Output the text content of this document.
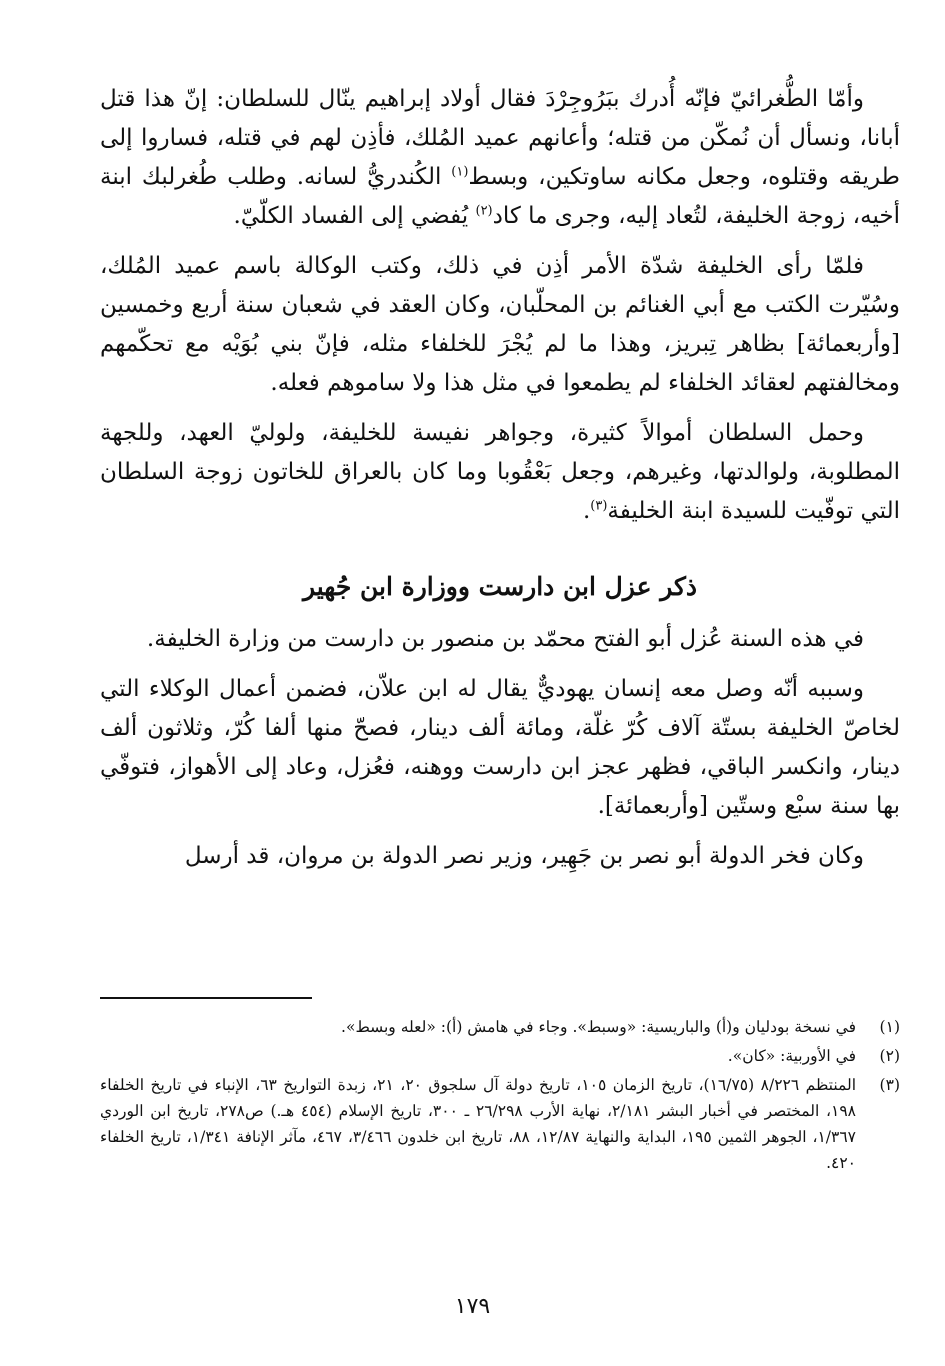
وأمّا الطُّغرائيّ فإنّه أُدرك ببَرُوجِرْدَ فقال أولاد إبراهيم ينّال للسلطان: إنّ هذا قتل أبانا، ونسأل أن نُمكّن من قتله؛ وأعانهم عميد المُلك، فأذِن لهم في قتله، فساروا إلى طريقه وقتلوه، وجعل مكانه ساوتكين، وبسط$^{(١)}$ الكُندريُّ لسانه. وطلب طُغرلبك ابنة أخيه، زوجة الخليفة، لتُعاد إليه، وجرى ما كاد$^{(٢)}$ يُفضي إلى الفساد الكلّيّ.

فلمّا رأى الخليفة شدّة الأمر أذِن في ذلك، وكتب الوكالة باسم عميد المُلك، وسُيّرت الكتب مع أبي الغنائم بن المحلّبان، وكان العقد في شعبان سنة أربع وخمسين [وأربعمائة] بظاهر تِبريز، وهذا ما لم يُجْرَ للخلفاء مثله، فإنّ بني بُوَيْه مع تحكّمهم ومخالفتهم لعقائد الخلفاء لم يطمعوا في مثل هذا ولا ساموهم فعله.

وحمل السلطان أموالاً كثيرة، وجواهر نفيسة للخليفة، ولوليّ العهد، وللجهة المطلوبة، ولوالدتها، وغيرهم، وجعل بَعْقُوبا وما كان بالعراق للخاتون زوجة السلطان التي توفّيت للسيدة ابنة الخليفة$^{(٣)}$.

ذكر عزل ابن دارست ووزارة ابن جُهير

في هذه السنة عُزل أبو الفتح محمّد بن منصور بن دارست من وزارة الخليفة.

وسببه أنّه وصل معه إنسان يهوديٌّ يقال له ابن علاّن، فضمن أعمال الوكلاء التي لخاصّ الخليفة بستّة آلاف كُرّ غلّة، ومائة ألف دينار، فصحّ منها ألفا كُرّ، وثلاثون ألف دينار، وانكسر الباقي، فظهر عجز ابن دارست ووهنه، فعُزل، وعاد إلى الأهواز، فتوفّي بها سنة سبْع وستّين [وأربعمائة].

وكان فخر الدولة أبو نصر بن جَهِير، وزير نصر الدولة بن مروان، قد أرسل

(١)
في نسخة بودليان و(أ) والباريسية: «وسبط». وجاء في هامش (أ): «لعله وبسط».
(٢)
في الأوربية: «كان».
(٣)
المنتظم ٨/٢٢٦ (١٦/٧٥)، تاريخ الزمان ١٠٥، تاريخ دولة آل سلجوق ٢٠، ٢١، زبدة التواريخ ٦٣، الإنباء في تاريخ الخلفاء ١٩٨، المختصر في أخبار البشر ٢/١٨١، نهاية الأرب ٢٦/٢٩٨ ـ ٣٠٠، تاريخ الإسلام (٤٥٤ هـ.) ص٢٧٨، تاريخ ابن الوردي ١/٣٦٧، الجوهر الثمين ١٩٥، البداية والنهاية ١٢/٨٧، ٨٨، تاريخ ابن خلدون ٣/٤٦٦، ٤٦٧، مآثر الإنافة ١/٣٤١، تاريخ الخلفاء ٤٢٠.
١٧٩
